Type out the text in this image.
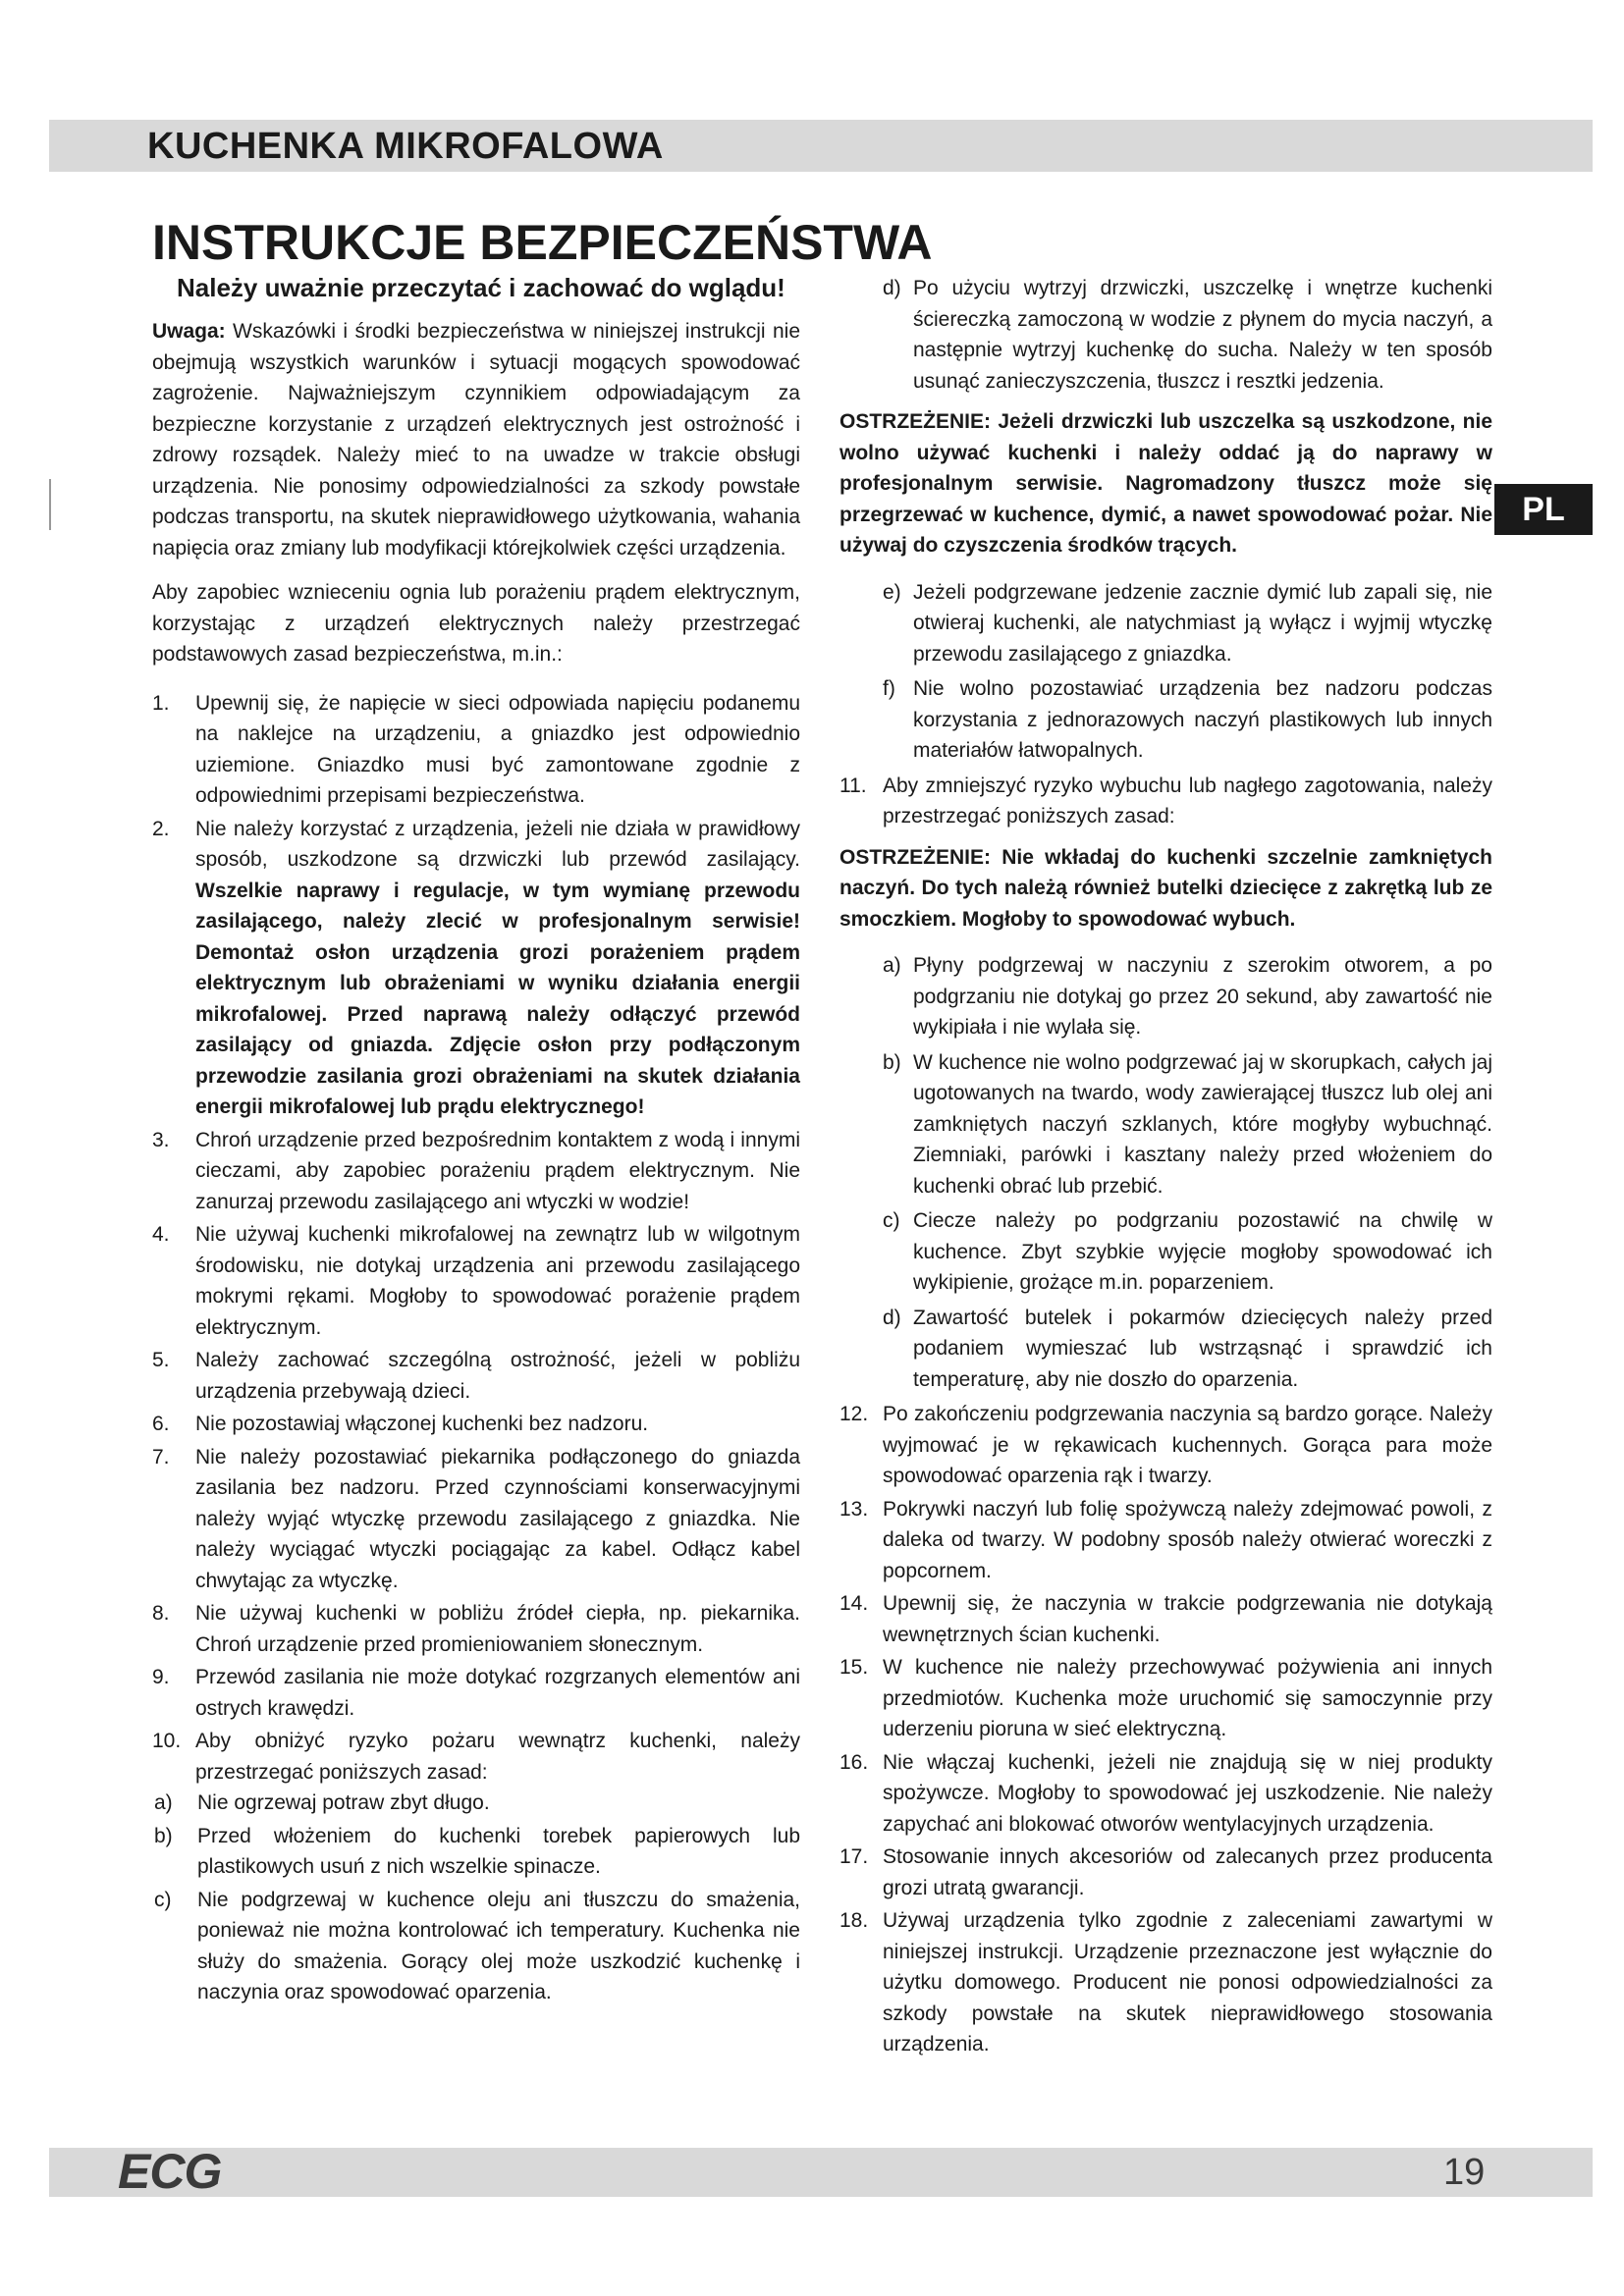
KUCHENKA MIKROFALOWA
INSTRUKCJE BEZPIECZEŃSTWA
Należy uważnie przeczytać i zachować do wglądu!
PL

Uwaga: Wskazówki i środki bezpieczeństwa w niniejszej instrukcji nie obejmują wszystkich warunków i sytuacji mogących spowodować zagrożenie. Najważniejszym czynnikiem odpowiadającym za bezpieczne korzystanie z urządzeń elektrycznych jest ostrożność i zdrowy rozsądek. Należy mieć to na uwadze w trakcie obsługi urządzenia. Nie ponosimy odpowiedzialności za szkody powstałe podczas transportu, na skutek nieprawidłowego użytkowania, wahania napięcia oraz zmiany lub modyfikacji którejkolwiek części urządzenia.

Aby zapobiec wznieceniu ognia lub porażeniu prądem elektrycznym, korzystając z urządzeń elektrycznych należy przestrzegać podstawowych zasad bezpieczeństwa, m.in.:

1. Upewnij się, że napięcie w sieci odpowiada napięciu podanemu na naklejce na urządzeniu, a gniazdko jest odpowiednio uziemione. Gniazdko musi być zamontowane zgodnie z odpowiednimi przepisami bezpieczeństwa.
2. Nie należy korzystać z urządzenia, jeżeli nie działa w prawidłowy sposób, uszkodzone są drzwiczki lub przewód zasilający. Wszelkie naprawy i regulacje, w tym wymianę przewodu zasilającego, należy zlecić w profesjonalnym serwisie! Demontaż osłon urządzenia grozi porażeniem prądem elektrycznym lub obrażeniami w wyniku działania energii mikrofalowej. Przed naprawą należy odłączyć przewód zasilający od gniazda. Zdjęcie osłon przy podłączonym przewodzie zasilania grozi obrażeniami na skutek działania energii mikrofalowej lub prądu elektrycznego!
3. Chroń urządzenie przed bezpośrednim kontaktem z wodą i innymi cieczami, aby zapobiec porażeniu prądem elektrycznym. Nie zanurzaj przewodu zasilającego ani wtyczki w wodzie!
4. Nie używaj kuchenki mikrofalowej na zewnątrz lub w wilgotnym środowisku, nie dotykaj urządzenia ani przewodu zasilającego mokrymi rękami. Mogłoby to spowodować porażenie prądem elektrycznym.
5. Należy zachować szczególną ostrożność, jeżeli w pobliżu urządzenia przebywają dzieci.
6. Nie pozostawiaj włączonej kuchenki bez nadzoru.
7. Nie należy pozostawiać piekarnika podłączonego do gniazda zasilania bez nadzoru. Przed czynnościami konserwacyjnymi należy wyjąć wtyczkę przewodu zasilającego z gniazdka. Nie należy wyciągać wtyczki pociągając za kabel. Odłącz kabel chwytając za wtyczkę.
8. Nie używaj kuchenki w pobliżu źródeł ciepła, np. piekarnika. Chroń urządzenie przed promieniowaniem słonecznym.
9. Przewód zasilania nie może dotykać rozgrzanych elementów ani ostrych krawędzi.
10. Aby obniżyć ryzyko pożaru wewnątrz kuchenki, należy przestrzegać poniższych zasad:
a) Nie ogrzewaj potraw zbyt długo.
b) Przed włożeniem do kuchenki torebek papierowych lub plastikowych usuń z nich wszelkie spinacze.
c) Nie podgrzewaj w kuchence oleju ani tłuszczu do smażenia, ponieważ nie można kontrolować ich temperatury. Kuchenka nie służy do smażenia. Gorący olej może uszkodzić kuchenkę i naczynia oraz spowodować oparzenia.
d) Po użyciu wytrzyj drzwiczki, uszczelkę i wnętrze kuchenki ściereczką zamoczoną w wodzie z płynem do mycia naczyń, a następnie wytrzyj kuchenkę do sucha. Należy w ten sposób usunąć zanieczyszczenia, tłuszcz i resztki jedzenia.

OSTRZEŻENIE: Jeżeli drzwiczki lub uszczelka są uszkodzone, nie wolno używać kuchenki i należy oddać ją do naprawy w profesjonalnym serwisie. Nagromadzony tłuszcz może się przegrzewać w kuchence, dymić, a nawet spowodować pożar. Nie używaj do czyszczenia środków trących.

e) Jeżeli podgrzewane jedzenie zacznie dymić lub zapali się, nie otwieraj kuchenki, ale natychmiast ją wyłącz i wyjmij wtyczkę przewodu zasilającego z gniazdka.
f) Nie wolno pozostawiać urządzenia bez nadzoru podczas korzystania z jednorazowych naczyń plastikowych lub innych materiałów łatwopalnych.
11. Aby zmniejszyć ryzyko wybuchu lub nagłego zagotowania, należy przestrzegać poniższych zasad:

OSTRZEŻENIE: Nie wkładaj do kuchenki szczelnie zamkniętych naczyń. Do tych należą również butelki dziecięce z zakrętką lub ze smoczkiem. Mogłoby to spowodować wybuch.

a) Płyny podgrzewaj w naczyniu z szerokim otworem, a po podgrzaniu nie dotykaj go przez 20 sekund, aby zawartość nie wykipiała i nie wylała się.
b) W kuchence nie wolno podgrzewać jaj w skorupkach, całych jaj ugotowanych na twardo, wody zawierającej tłuszcz lub olej ani zamkniętych naczyń szklanych, które mogłyby wybuchnąć. Ziemniaki, parówki i kasztany należy przed włożeniem do kuchenki obrać lub przebić.
c) Ciecze należy po podgrzaniu pozostawić na chwilę w kuchence. Zbyt szybkie wyjęcie mogłoby spowodować ich wykipienie, grożące m.in. poparzeniem.
d) Zawartość butelek i pokarmów dziecięcych należy przed podaniem wymieszać lub wstrząsnąć i sprawdzić ich temperaturę, aby nie doszło do oparzenia.
12. Po zakończeniu podgrzewania naczynia są bardzo gorące. Należy wyjmować je w rękawicach kuchennych. Gorąca para może spowodować oparzenia rąk i twarzy.
13. Pokrywki naczyń lub folię spożywczą należy zdejmować powoli, z daleka od twarzy. W podobny sposób należy otwierać woreczki z popcornem.
14. Upewnij się, że naczynia w trakcie podgrzewania nie dotykają wewnętrznych ścian kuchenki.
15. W kuchence nie należy przechowywać pożywienia ani innych przedmiotów. Kuchenka może uruchomić się samoczynnie przy uderzeniu pioruna w sieć elektryczną.
16. Nie włączaj kuchenki, jeżeli nie znajdują się w niej produkty spożywcze. Mogłoby to spowodować jej uszkodzenie. Nie należy zapychać ani blokować otworów wentylacyjnych urządzenia.
17. Stosowanie innych akcesoriów od zalecanych przez producenta grozi utratą gwarancji.
18. Używaj urządzenia tylko zgodnie z zaleceniami zawartymi w niniejszej instrukcji. Urządzenie przeznaczone jest wyłącznie do użytku domowego. Producent nie ponosi odpowiedzialności za szkody powstałe na skutek nieprawidłowego stosowania urządzenia.
ECG	19
